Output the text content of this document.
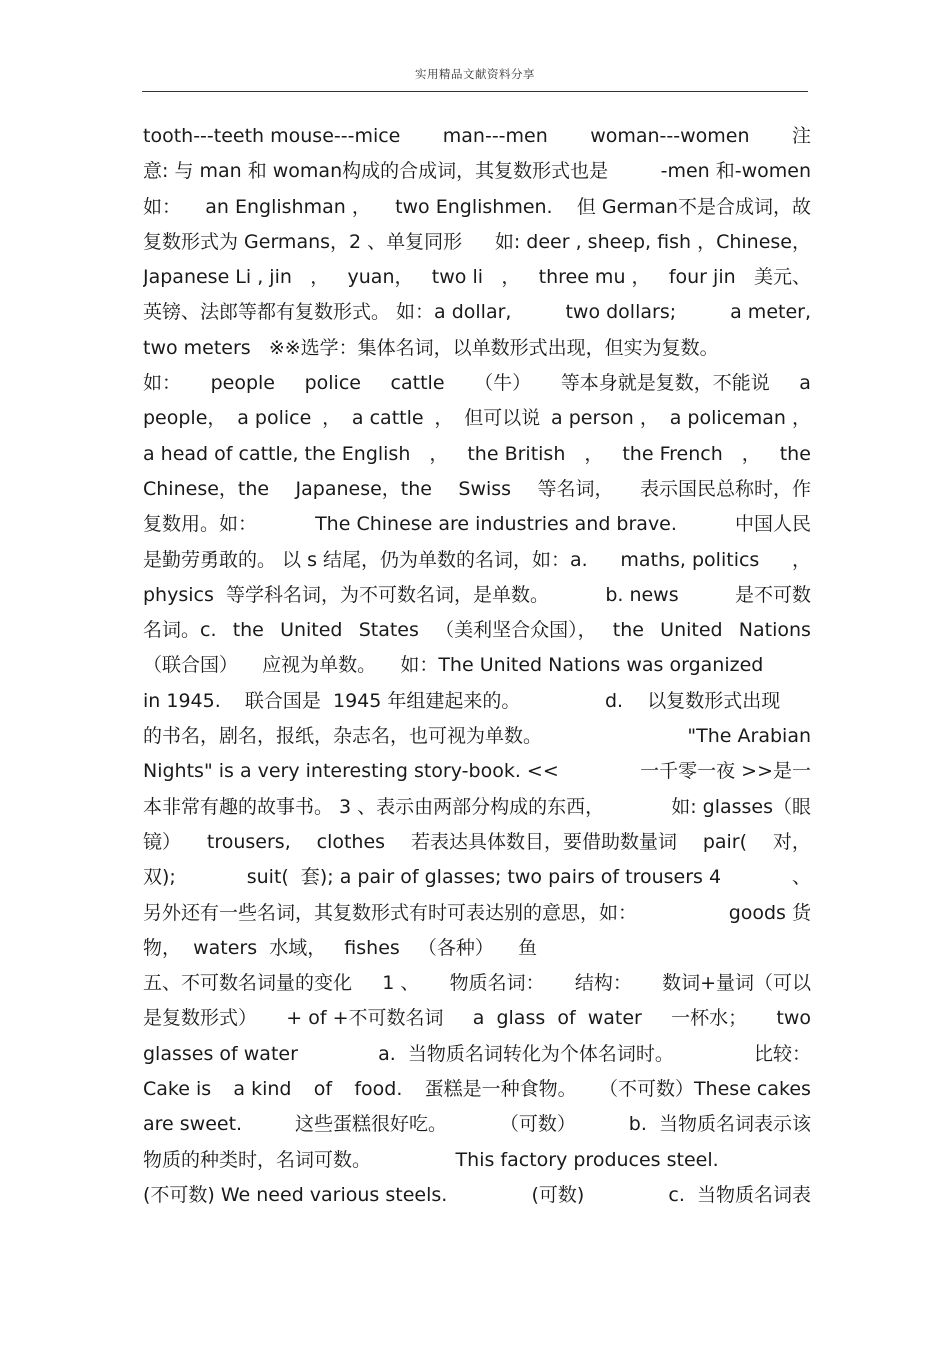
实用精品文献资料分享
tooth---teeth mouse---mice man---men woman---women 注
意: 与 man 和 woman构成的合成词，其复数形式也是	-men 和-women
如： an Englishman ， two Englishmen. 但 German不是合成词，故
复数形式为 Germans，2 、单复同形 如: deer , sheep, fish ，Chinese，
Japanese Li , jin ， yuan， two li ， three mu ， four jin 美元、
英镑、法郎等都有复数形式。 如：a dollar,	two dollars;	a meter,
two meters   ※※选学：集体名词，以单数形式出现，但实为复数。
如： people police cattle （牛） 等本身就是复数，不能说 a
people， a police ， a cattle ， 但可以说 a person ， a policeman ，
a head of cattle, the English ， the British ， the French ， the
Chinese，the Japanese，the Swiss 等名词， 表示国民总称时，作
复数用。如：	The Chinese are industries and brave.	中国人民
是勤劳勇敢的。 以 s 结尾，仍为单数的名词，如：a. maths, politics ，
physics  等学科名词，为不可数名词，是单数。	b. news	是不可数
名词。c. the United States （美利坚合众国）， the United Nations
（联合国）    应视为单数。    如：The United Nations was organized
in 1945.    联合国是  1945 年组建起来的。              d.    以复数形式出现
的书名，剧名，报纸，杂志名，也可视为单数。	"The Arabian
Nights" is a very interesting story-book. <<	一千零一夜 >>是一
本非常有趣的故事书。 3 、表示由两部分构成的东西，	如: glasses（眼
镜） trousers, clothes 若表达具体数目，要借助数量词 pair( 对，
双);	suit(  套); a pair of glasses; two pairs of trousers 4	、
另外还有一些名词，其复数形式有时可表达别的意思，如：	goods 货
物，  waters  水域，   fishes   （各种）    鱼
五、不可数名词量的变化 1 、 物质名词： 结构： 数词+量词（可以
是复数形式） + of +不可数名词 a  glass  of  water 一杯水； two
glasses of water	a.  当物质名词转化为个体名词时。	比较：
Cake is a kind of food. 蛋糕是一种食物。 （不可数）These cakes
are sweet.	这些蛋糕很好吃。	（可数）	b.  当物质名词表示该
物质的种类时，名词可数。              This factory produces steel.
(不可数) We need various steels.	(可数)	c.  当物质名词表
